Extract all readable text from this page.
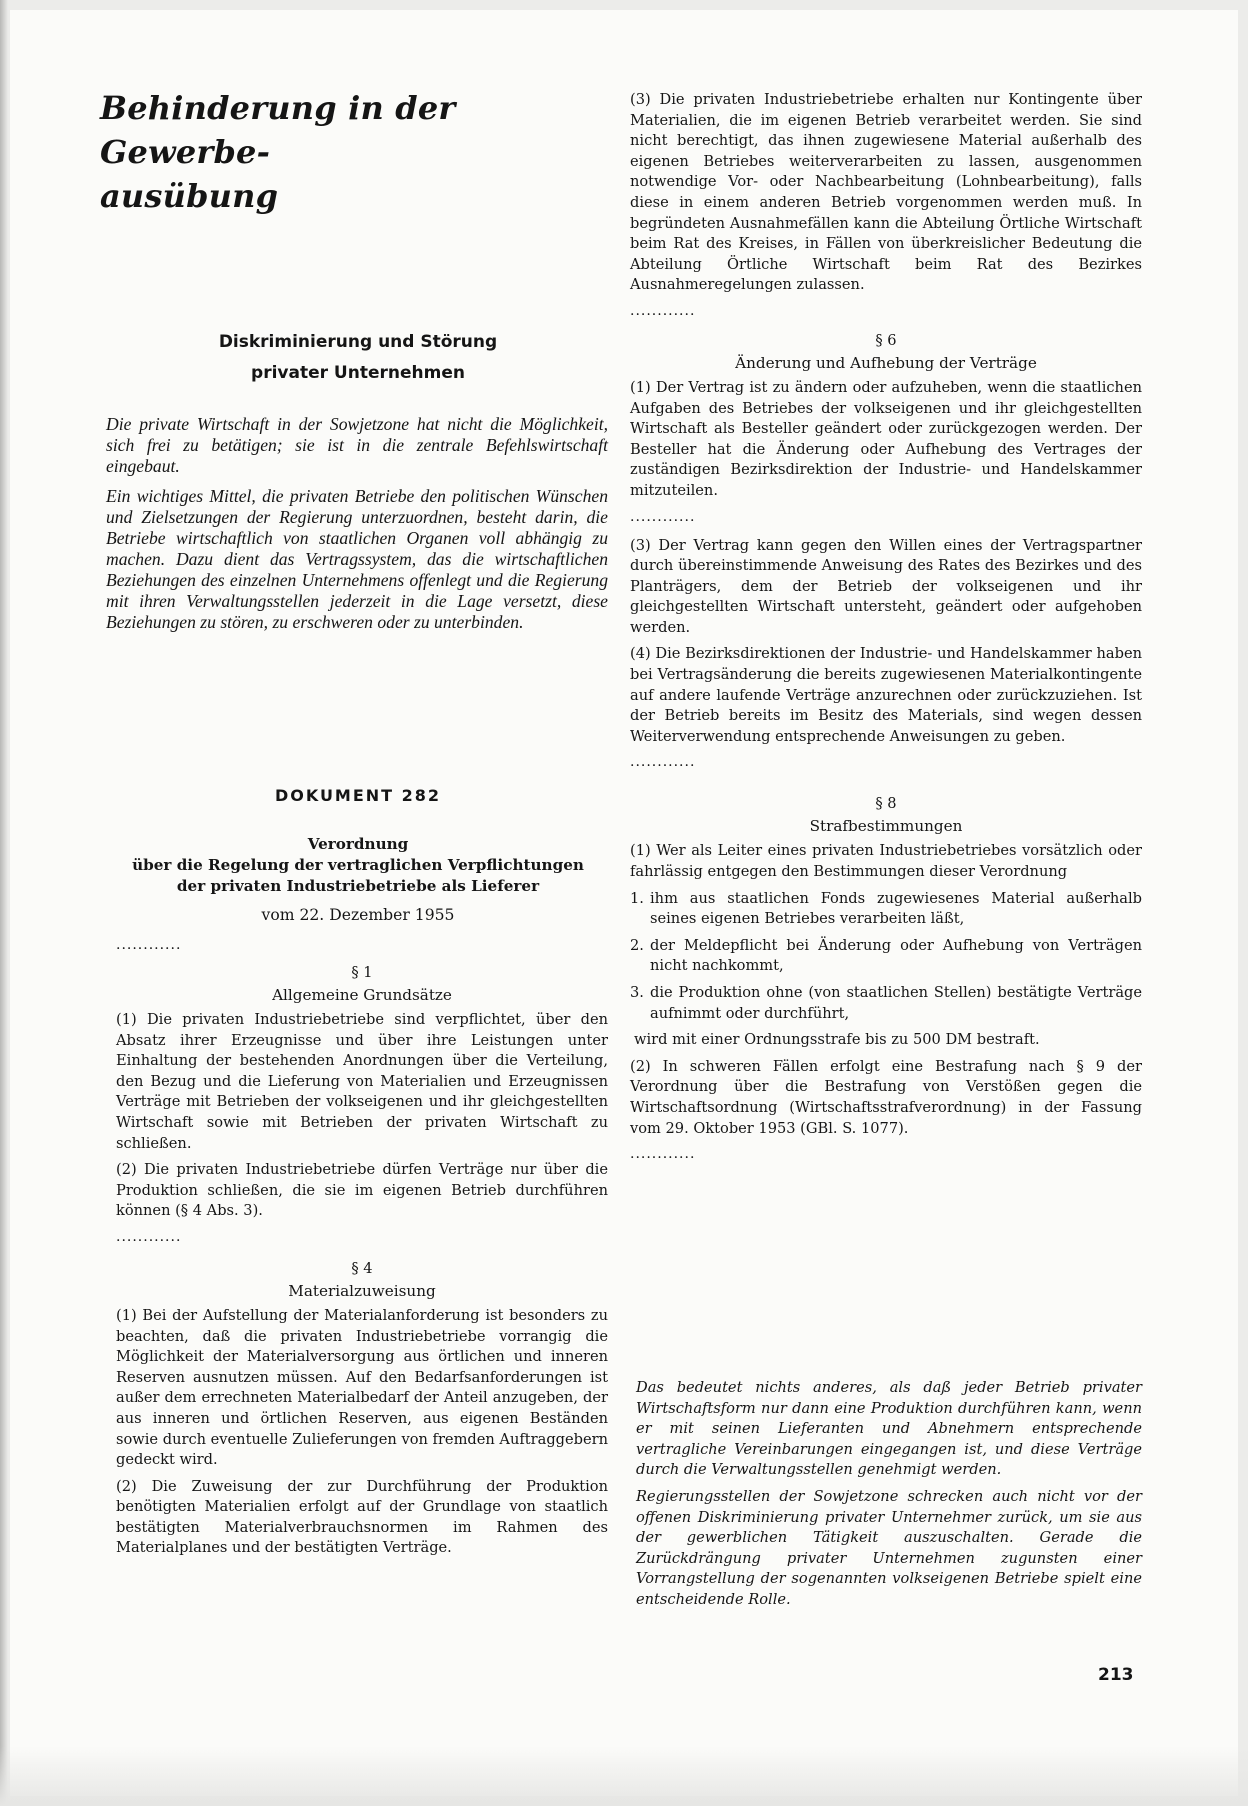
Behinderung in der Gewerbe-
ausübung
Diskriminierung und Störung
privater Unternehmen

Die private Wirtschaft in der Sowjetzone hat nicht die Möglichkeit, sich frei zu betätigen; sie ist in die zentrale Befehlswirtschaft eingebaut.

Ein wichtiges Mittel, die privaten Betriebe den politischen Wünschen und Zielsetzungen der Regierung unterzuordnen, besteht darin, die Betriebe wirtschaftlich von staatlichen Organen voll abhängig zu machen. Dazu dient das Vertragssystem, das die wirtschaftlichen Beziehungen des einzelnen Unternehmens offenlegt und die Regierung mit ihren Verwaltungsstellen jederzeit in die Lage versetzt, diese Beziehungen zu stören, zu erschweren oder zu unterbinden.

DOKUMENT 282
Verordnung
über die Regelung der vertraglichen Verpflichtungen
der privaten Industriebetriebe als Lieferer
vom 22. Dezember 1955
............
§ 1
Allgemeine Grundsätze

(1) Die privaten Industriebetriebe sind verpflichtet, über den Absatz ihrer Erzeugnisse und über ihre Leistungen unter Einhaltung der bestehenden Anordnungen über die Verteilung, den Bezug und die Lieferung von Materialien und Erzeugnissen Verträge mit Betrieben der volkseigenen und ihr gleichgestellten Wirtschaft sowie mit Betrieben der privaten Wirtschaft zu schließen.

(2) Die privaten Industriebetriebe dürfen Verträge nur über die Produktion schließen, die sie im eigenen Betrieb durchführen können (§ 4 Abs. 3).

............
§ 4
Materialzuweisung

(1) Bei der Aufstellung der Materialanforderung ist besonders zu beachten, daß die privaten Industriebetriebe vorrangig die Möglichkeit der Materialversorgung aus örtlichen und inneren Reserven ausnutzen müssen. Auf den Bedarfsanforderungen ist außer dem errechneten Materialbedarf der Anteil anzugeben, der aus inneren und örtlichen Reserven, aus eigenen Beständen sowie durch eventuelle Zulieferungen von fremden Auftraggebern gedeckt wird.

(2) Die Zuweisung der zur Durchführung der Produktion benötigten Materialien erfolgt auf der Grundlage von staatlich bestätigten Materialverbrauchsnormen im Rahmen des Materialplanes und der bestätigten Verträge.

(3) Die privaten Industriebetriebe erhalten nur Kontingente über Materialien, die im eigenen Betrieb verarbeitet werden. Sie sind nicht berechtigt, das ihnen zugewiesene Material außerhalb des eigenen Betriebes weiterverarbeiten zu lassen, ausgenommen notwendige Vor- oder Nachbearbeitung (Lohnbearbeitung), falls diese in einem anderen Betrieb vorgenommen werden muß. In begründeten Ausnahmefällen kann die Abteilung Örtliche Wirtschaft beim Rat des Kreises, in Fällen von überkreislicher Bedeutung die Abteilung Örtliche Wirtschaft beim Rat des Bezirkes Ausnahmeregelungen zulassen.

............
§ 6
Änderung und Aufhebung der Verträge

(1) Der Vertrag ist zu ändern oder aufzuheben, wenn die staatlichen Aufgaben des Betriebes der volkseigenen und ihr gleichgestellten Wirtschaft als Besteller geändert oder zurückgezogen werden. Der Besteller hat die Änderung oder Aufhebung des Vertrages der zuständigen Bezirksdirektion der Industrie- und Handelskammer mitzuteilen.

............

(3) Der Vertrag kann gegen den Willen eines der Vertragspartner durch übereinstimmende Anweisung des Rates des Bezirkes und des Planträgers, dem der Betrieb der volkseigenen und ihr gleichgestellten Wirtschaft untersteht, geändert oder aufgehoben werden.

(4) Die Bezirksdirektionen der Industrie- und Handelskammer haben bei Vertragsänderung die bereits zugewiesenen Materialkontingente auf andere laufende Verträge anzurechnen oder zurückzuziehen. Ist der Betrieb bereits im Besitz des Materials, sind wegen dessen Weiterverwendung entsprechende Anweisungen zu geben.

............
§ 8
Strafbestimmungen

(1) Wer als Leiter eines privaten Industriebetriebes vorsätzlich oder fahrlässig entgegen den Bestimmungen dieser Verordnung

1. ihm aus staatlichen Fonds zugewiesenes Material außerhalb seines eigenen Betriebes verarbeiten läßt,
2. der Meldepflicht bei Änderung oder Aufhebung von Verträgen nicht nachkommt,
3. die Produktion ohne (von staatlichen Stellen) bestätigte Verträge aufnimmt oder durchführt,

wird mit einer Ordnungsstrafe bis zu 500 DM bestraft.

(2) In schweren Fällen erfolgt eine Bestrafung nach § 9 der Verordnung über die Bestrafung von Verstößen gegen die Wirtschaftsordnung (Wirtschaftsstrafverordnung) in der Fassung vom 29. Oktober 1953 (GBl. S. 1077).

............

Das bedeutet nichts anderes, als daß jeder Betrieb privater Wirtschaftsform nur dann eine Produktion durchführen kann, wenn er mit seinen Lieferanten und Abnehmern entsprechende vertragliche Vereinbarungen eingegangen ist, und diese Verträge durch die Verwaltungsstellen genehmigt werden.

Regierungsstellen der Sowjetzone schrecken auch nicht vor der offenen Diskriminierung privater Unternehmer zurück, um sie aus der gewerblichen Tätigkeit auszuschalten. Gerade die Zurückdrängung privater Unternehmen zugunsten einer Vorrangstellung der sogenannten volkseigenen Betriebe spielt eine entscheidende Rolle.

213
